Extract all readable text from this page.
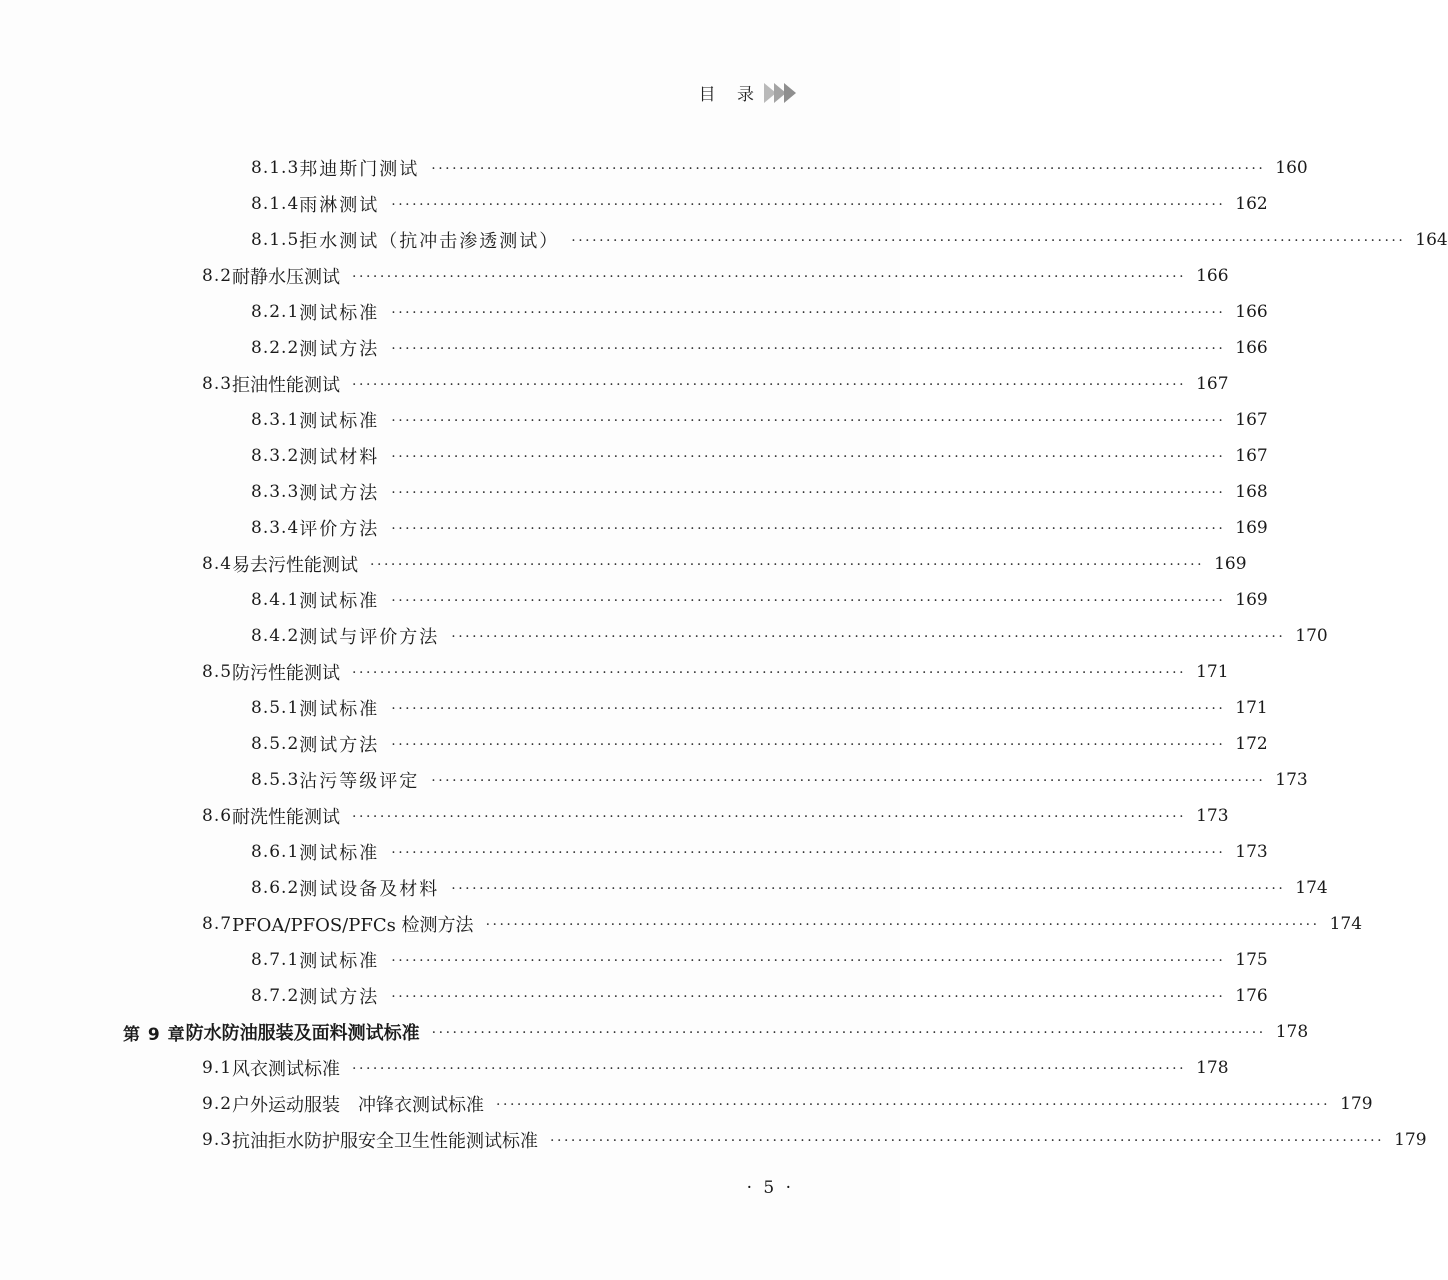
目 录
8.1.3 邦迪斯门测试 ························································································································ 160
8.1.4 雨淋测试 ························································································································ 162
8.1.5 拒水测试（抗冲击渗透测试） ························································································································ 164
8.2 耐静水压测试 ························································································································ 166
8.2.1 测试标准 ························································································································ 166
8.2.2 测试方法 ························································································································ 166
8.3 拒油性能测试 ························································································································ 167
8.3.1 测试标准 ························································································································ 167
8.3.2 测试材料 ························································································································ 167
8.3.3 测试方法 ························································································································ 168
8.3.4 评价方法 ························································································································ 169
8.4 易去污性能测试 ························································································································ 169
8.4.1 测试标准 ························································································································ 169
8.4.2 测试与评价方法 ························································································································ 170
8.5 防污性能测试 ························································································································ 171
8.5.1 测试标准 ························································································································ 171
8.5.2 测试方法 ························································································································ 172
8.5.3 沾污等级评定 ························································································································ 173
8.6 耐洗性能测试 ························································································································ 173
8.6.1 测试标准 ························································································································ 173
8.6.2 测试设备及材料 ························································································································ 174
8.7 PFOA/PFOS/PFCs 检测方法 ························································································································ 174
8.7.1 测试标准 ························································································································ 175
8.7.2 测试方法 ························································································································ 176
第 9 章 防水防油服装及面料测试标准 ························································································································ 178
9.1 风衣测试标准 ························································································································ 178
9.2 户外运动服装　冲锋衣测试标准 ························································································································ 179
9.3 抗油拒水防护服安全卫生性能测试标准 ························································································································ 179
· 5 ·
